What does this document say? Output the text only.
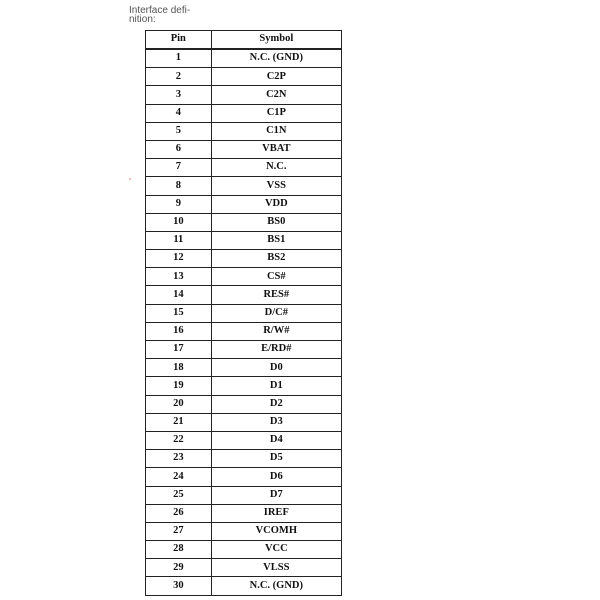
Interface defi-
nition:
ʼ
Pin	Symbol
1	N.C. (GND)
2	C2P
3	C2N
4	C1P
5	C1N
6	VBAT
7	N.C.
8	VSS
9	VDD
10	BS0
11	BS1
12	BS2
13	CS#
14	RES#
15	D/C#
16	R/W#
17	E/RD#
18	D0
19	D1
20	D2
21	D3
22	D4
23	D5
24	D6
25	D7
26	IREF
27	VCOMH
28	VCC
29	VLSS
30	N.C. (GND)
